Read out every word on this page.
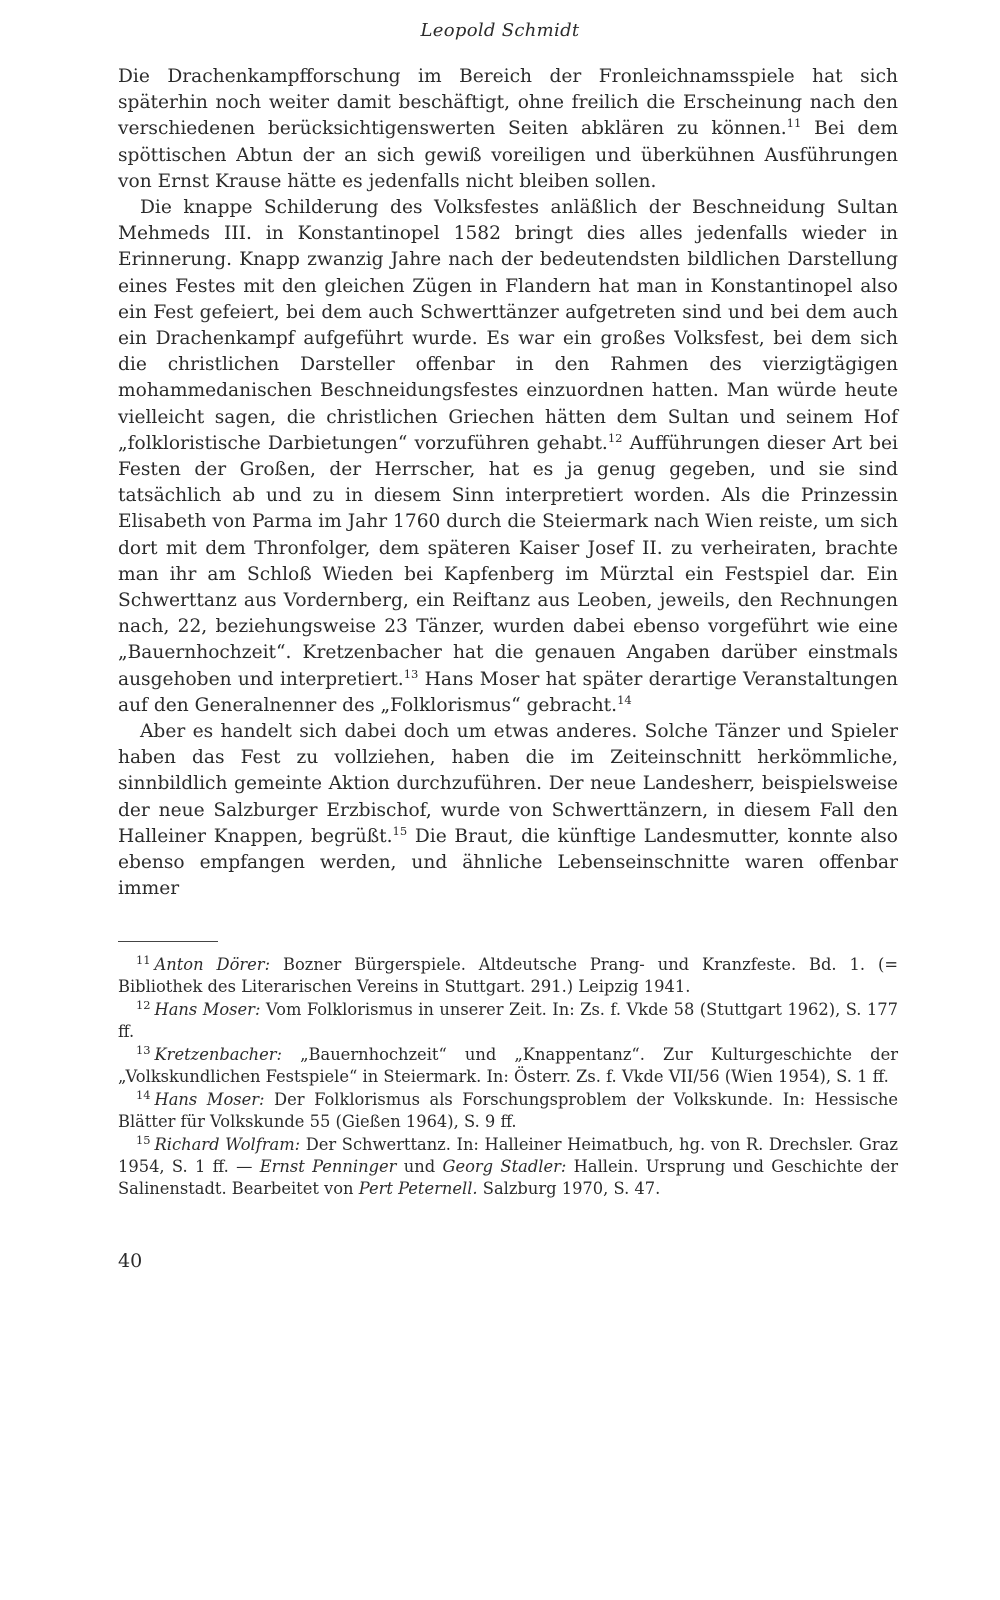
Leopold Schmidt

Die Drachenkampfforschung im Bereich der Fronleichnamsspiele hat sich späterhin noch weiter damit beschäftigt, ohne freilich die Erscheinung nach den verschiedenen berücksichtigenswerten Seiten abklären zu können.$^{11}$ Bei dem spöttischen Abtun der an sich gewiß voreiligen und überkühnen Ausführungen von Ernst Krause hätte es jedenfalls nicht bleiben sollen.

Die knappe Schilderung des Volksfestes anläßlich der Beschneidung Sultan Mehmeds III. in Konstantinopel 1582 bringt dies alles jedenfalls wieder in Erinnerung. Knapp zwanzig Jahre nach der bedeutendsten bildlichen Darstellung eines Festes mit den gleichen Zügen in Flandern hat man in Konstantinopel also ein Fest gefeiert, bei dem auch Schwerttänzer aufgetreten sind und bei dem auch ein Drachenkampf aufgeführt wurde. Es war ein großes Volksfest, bei dem sich die christlichen Darsteller offenbar in den Rahmen des vierzigtägigen mohammedanischen Beschneidungsfestes einzuordnen hatten. Man würde heute vielleicht sagen, die christlichen Griechen hätten dem Sultan und seinem Hof „folkloristische Darbietungen“ vorzuführen gehabt.$^{12}$ Aufführungen dieser Art bei Festen der Großen, der Herrscher, hat es ja genug gegeben, und sie sind tatsächlich ab und zu in diesem Sinn interpretiert worden. Als die Prinzessin Elisabeth von Parma im Jahr 1760 durch die Steiermark nach Wien reiste, um sich dort mit dem Thronfolger, dem späteren Kaiser Josef II. zu verheiraten, brachte man ihr am Schloß Wieden bei Kapfenberg im Mürztal ein Festspiel dar. Ein Schwerttanz aus Vordernberg, ein Reiftanz aus Leoben, jeweils, den Rechnungen nach, 22, beziehungsweise 23 Tänzer, wurden dabei ebenso vorgeführt wie eine „Bauernhochzeit“. Kretzenbacher hat die genauen Angaben darüber einstmals ausgehoben und interpretiert.$^{13}$ Hans Moser hat später derartige Veranstaltungen auf den Generalnenner des „Folklorismus“ gebracht.$^{14}$

Aber es handelt sich dabei doch um etwas anderes. Solche Tänzer und Spieler haben das Fest zu vollziehen, haben die im Zeiteinschnitt herkömmliche, sinnbildlich gemeinte Aktion durchzuführen. Der neue Landesherr, beispielsweise der neue Salzburger Erzbischof, wurde von Schwerttänzern, in diesem Fall den Halleiner Knappen, begrüßt.$^{15}$ Die Braut, die künftige Landesmutter, konnte also ebenso empfangen werden, und ähnliche Lebenseinschnitte waren offenbar immer

$^{11}$ Anton Dörer: Bozner Bürgerspiele. Altdeutsche Prang- und Kranzfeste. Bd. 1. (= Bibliothek des Literarischen Vereins in Stuttgart. 291.) Leipzig 1941.

$^{12}$ Hans Moser: Vom Folklorismus in unserer Zeit. In: Zs. f. Vkde 58 (Stuttgart 1962), S. 177 ff.

$^{13}$ Kretzenbacher: „Bauernhochzeit“ und „Knappentanz“. Zur Kulturgeschichte der „Volkskundlichen Festspiele“ in Steiermark. In: Österr. Zs. f. Vkde VII/56 (Wien 1954), S. 1 ff.

$^{14}$ Hans Moser: Der Folklorismus als Forschungsproblem der Volkskunde. In: Hessische Blätter für Volkskunde 55 (Gießen 1964), S. 9 ff.

$^{15}$ Richard Wolfram: Der Schwerttanz. In: Halleiner Heimatbuch, hg. von R. Drechsler. Graz 1954, S. 1 ff. — Ernst Penninger und Georg Stadler: Hallein. Ursprung und Geschichte der Salinenstadt. Bearbeitet von Pert Peternell. Salzburg 1970, S. 47.

40
